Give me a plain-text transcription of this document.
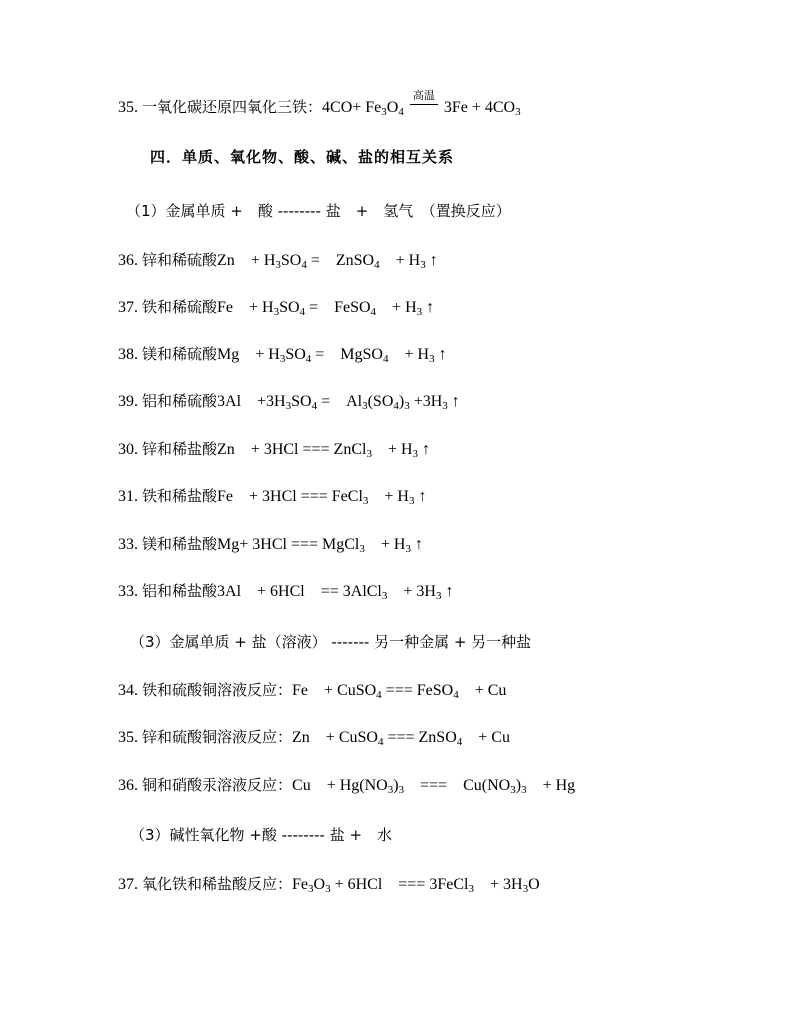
35. 一氧化碳还原四氧化三铁：$4CO+ Fe_3O_4$
高温
$3Fe + 4CO_3$
四．单质、氧化物、酸、碱、盐的相互关系
（1）金属单质 +　酸 -------- 盐　+　氢气　（置换反应）
36. 锌和稀硫酸Zn　+ $H_3SO_4$ =　ZnSO$_4$　+ $H_3$ ↑
37. 铁和稀硫酸Fe　+ $H_3SO_4$ =　FeSO$_4$　+ $H_3$ ↑
38. 镁和稀硫酸Mg　+ $H_3SO_4$ =　MgSO$_4$　+ $H_3$ ↑
39. 铝和稀硫酸3Al　$+3H_3SO_4$ =　$Al_3(SO_4)_3 +3H_3$ ↑
30. 锌和稀盐酸Zn　+ 3HCl === ZnCl$_3$　+ $H_3$ ↑
31. 铁和稀盐酸Fe　+ 3HCl === FeCl$_3$　+ $H_3$ ↑
33. 镁和稀盐酸Mg+ 3HCl === MgCl$_3$　+ $H_3$ ↑
33. 铝和稀盐酸3Al　+ 6HCl　== 3AlCl$_3$　+ $3H_3$ ↑
（3）金属单质 + 盐（溶液） ------- 另一种金属 + 另一种盐
34. 铁和硫酸铜溶液反应：Fe　+ CuSO$_4$ === FeSO$_4$　+ Cu
35. 锌和硫酸铜溶液反应：Zn　+ CuSO$_4$ === ZnSO$_4$　+ Cu
36. 铜和硝酸汞溶液反应：Cu　+ $Hg(NO_3)_3$　===　$Cu(NO_3)_3$　+ Hg
（3）碱性氧化物 +酸 -------- 盐 +　水
37. 氧化铁和稀盐酸反应：$Fe_3O_3 + 6HCl$　=== 3FeCl$_3$　+ $3H_3O$
